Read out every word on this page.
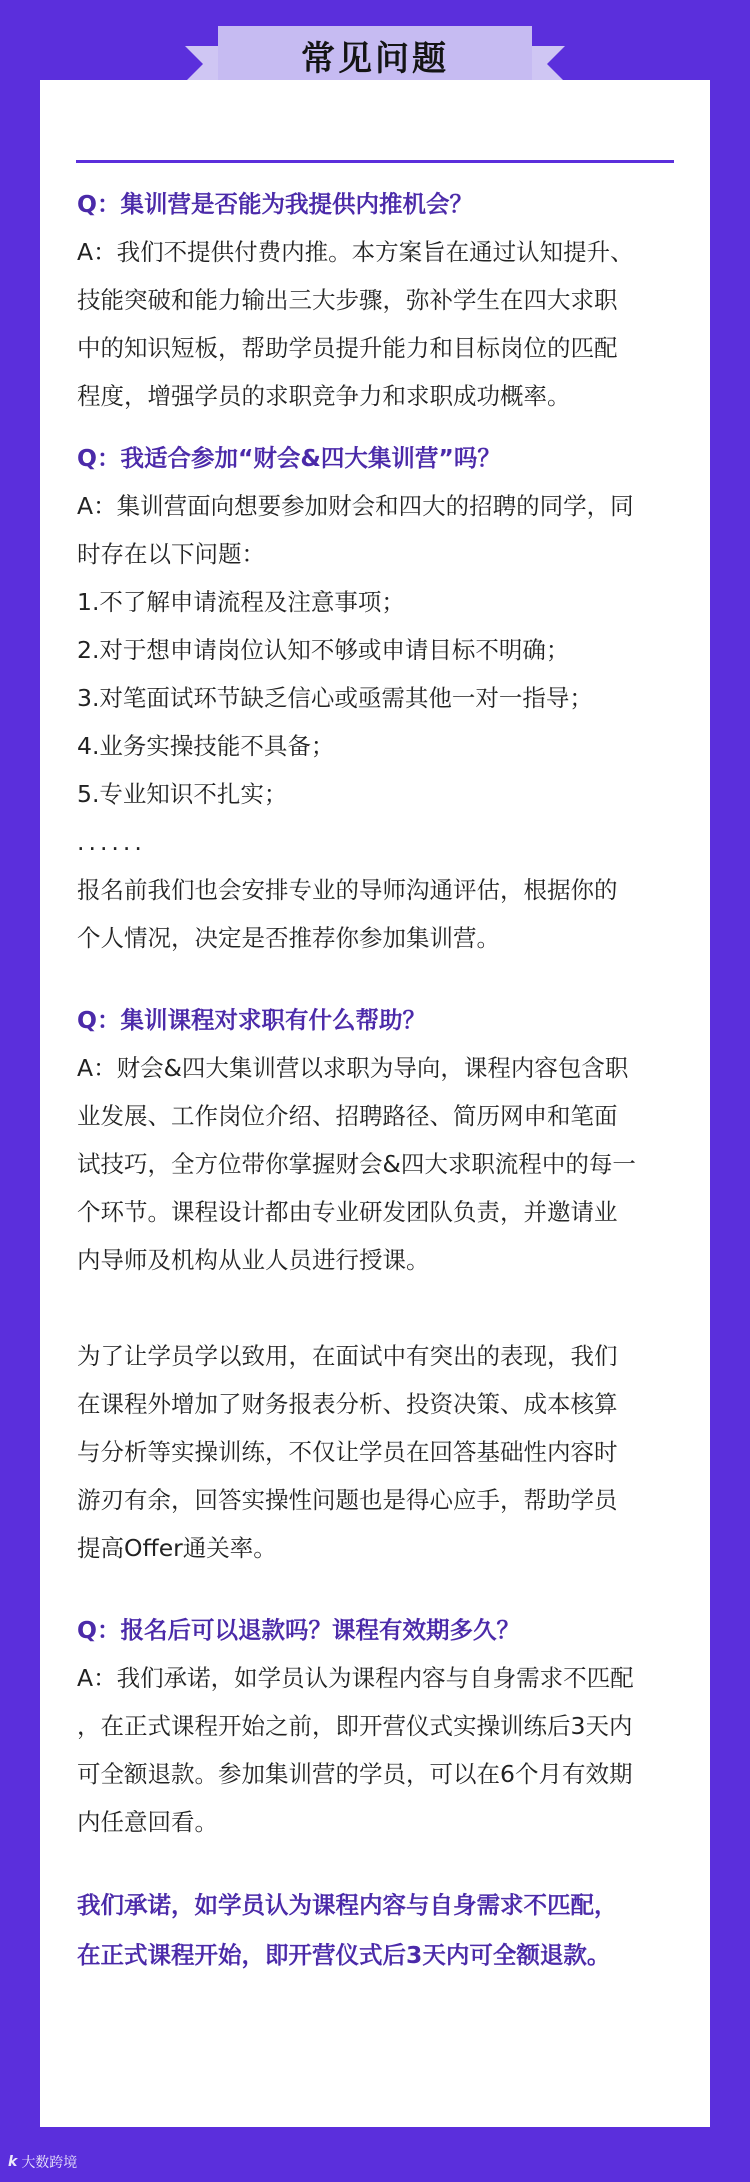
常见问题

Q：集训营是否能为我提供内推机会？

A：我们不提供付费内推。本方案旨在通过认知提升、

技能突破和能力输出三大步骤，弥补学生在四大求职

中的知识短板，帮助学员提升能力和目标岗位的匹配

程度，增强学员的求职竞争力和求职成功概率。

Q：我适合参加“财会&四大集训营”吗？

A：集训营面向想要参加财会和四大的招聘的同学，同

时存在以下问题：

1.不了解申请流程及注意事项；

2.对于想申请岗位认知不够或申请目标不明确；

3.对笔面试环节缺乏信心或亟需其他一对一指导；

4.业务实操技能不具备；

5.专业知识不扎实；

......

报名前我们也会安排专业的导师沟通评估，根据你的

个人情况，决定是否推荐你参加集训营。

Q：集训课程对求职有什么帮助？

A：财会&四大集训营以求职为导向，课程内容包含职

业发展、工作岗位介绍、招聘路径、简历网申和笔面

试技巧，全方位带你掌握财会&四大求职流程中的每一

个环节。课程设计都由专业研发团队负责，并邀请业

内导师及机构从业人员进行授课。

为了让学员学以致用，在面试中有突出的表现，我们

在课程外增加了财务报表分析、投资决策、成本核算

与分析等实操训练，不仅让学员在回答基础性内容时

游刃有余，回答实操性问题也是得心应手，帮助学员

提高Offer通关率。

Q：报名后可以退款吗？课程有效期多久？

A：我们承诺，如学员认为课程内容与自身需求不匹配

，在正式课程开始之前，即开营仪式实操训练后3天内

可全额退款。参加集训营的学员，可以在6个月有效期

内任意回看。

我们承诺，如学员认为课程内容与自身需求不匹配，

在正式课程开始，即开营仪式后3天内可全额退款。

k 大数跨境
